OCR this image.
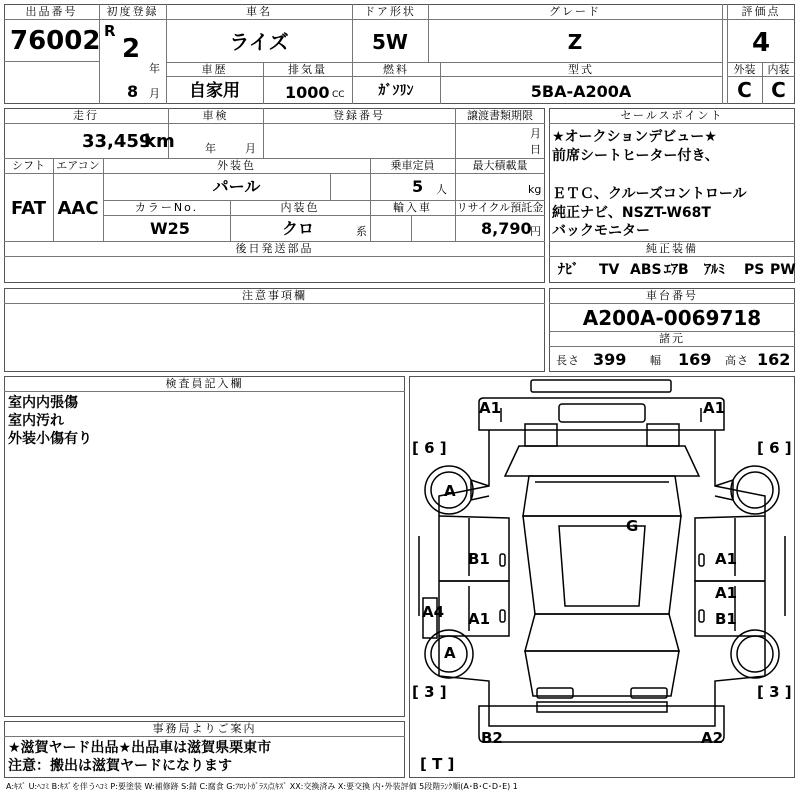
出品番号
76002
初度登録
R
2
年
8 月
車名
ライズ
ドア形状
5W
グレード
Z
評価点
4
車歴
自家用
排気量
1000 CC
燃料
ｶﾞｿﾘﾝ
型式
5BA-A200A
外装
C
内装
C
走行
33,459
km
車検
年	月
登録番号	譲渡書類期限
月
日
シフト
FAT
エアコン
AAC
外装色
パール
乗車定員
5 人
最大積載量
kg
カラーNo.
W25
内装色
クロ	系
輸入車	リサイクル預託金
8,790
円
後日発送部品
セールスポイント
★オークションデビュー★
前席シートヒーター付き、
ＥＴＣ、クルーズコントロール
純正ナビ、NSZT-W68T
バックモニター
純正装備
ﾅﾋﾞ TV ABS ｴｱB ｱﾙﾐ PS PW
注意事項欄	車台番号
A200A-0069718
諸元
長さ 399 幅 169 高さ 162
検査員記入欄
室内内張傷
室内汚れ
外装小傷有り
事務局よりご案内
★滋賀ヤード出品★出品車は滋賀県栗東市
注意：搬出は滋賀ヤードになります
A1	A1
[ 6 ]	[ 6 ]
A
G
B1	A1
A1
A4 A1	B1
A
[ 3 ]	[ 3 ]
B2	A2
[ T ]
A:ｷｽﾞ U:ﾍｺﾐ B:ｷｽﾞを伴うﾍｺﾐ P:要塗装 W:補修跡 S:錆 C:腐食 G:ﾌﾛﾝﾄｶﾞﾗｽ点ｷｽﾞ XX:交換済み X:要交換 内･外装評価 5段階ﾗﾝｸ順(A･B･C･D･E) 1
